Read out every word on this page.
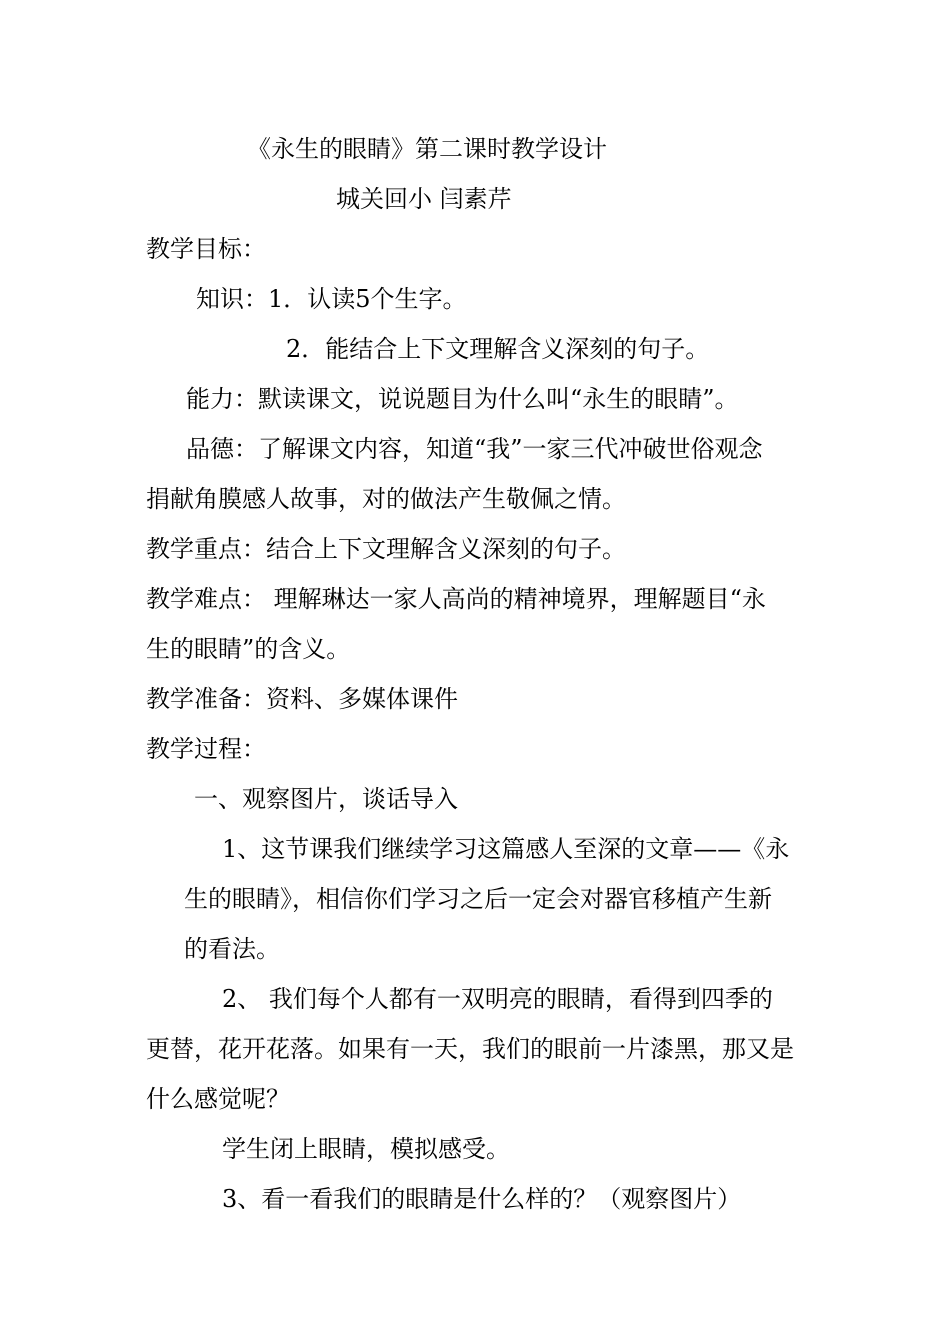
《永生的眼睛》第二课时教学设计
城关回小 闫素芹
教学目标：
知识：1．认读5个生字。
2．能结合上下文理解含义深刻的句子。
能力：默读课文，说说题目为什么叫“永生的眼睛”。
品德：了解课文内容，知道“我”一家三代冲破世俗观念
捐献角膜感人故事，对的做法产生敬佩之情。
教学重点：结合上下文理解含义深刻的句子。
教学难点： 理解琳达一家人高尚的精神境界，理解题目“永
生的眼睛”的含义。
教学准备：资料、多媒体课件
教学过程：
一、观察图片，谈话导入
1、这节课我们继续学习这篇感人至深的文章——《永
生的眼睛》，相信你们学习之后一定会对器官移植产生新
的看法。
2、 我们每个人都有一双明亮的眼睛，看得到四季的
更替，花开花落。如果有一天，我们的眼前一片漆黑，那又是
什么感觉呢？
学生闭上眼睛，模拟感受。
3、看一看我们的眼睛是什么样的？（观察图片）
